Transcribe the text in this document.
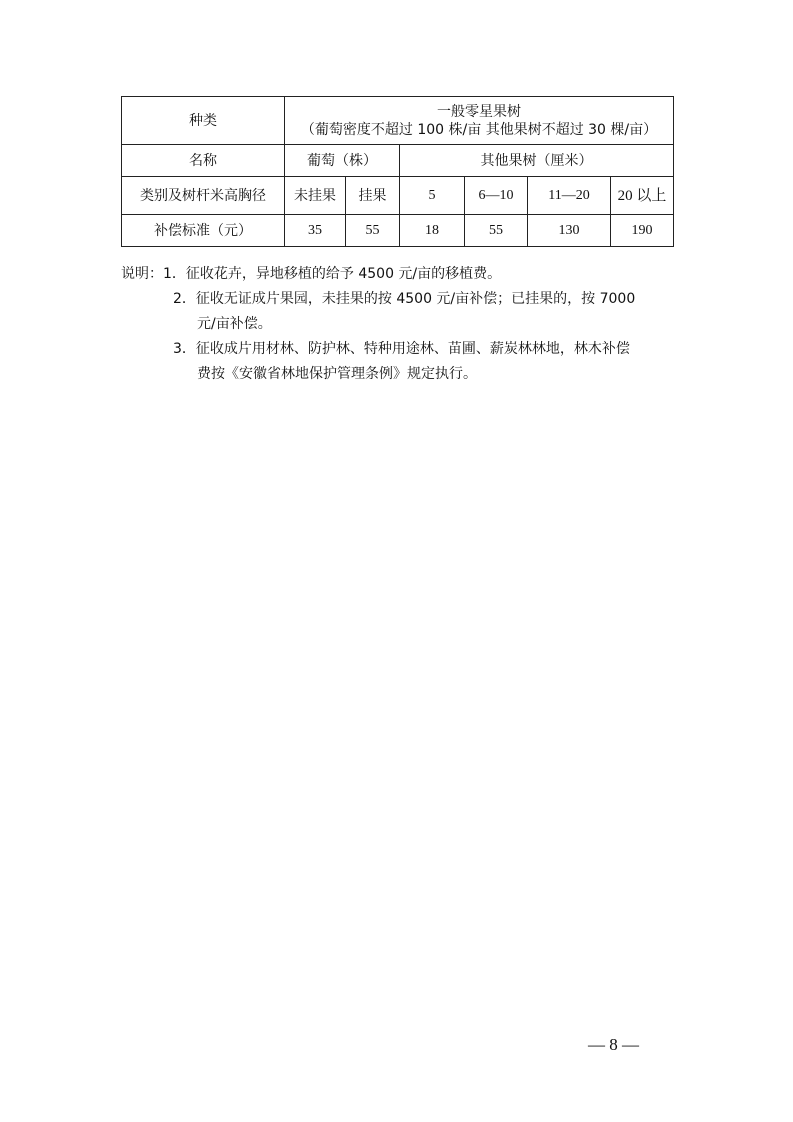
种类	一般零星果树
（葡萄密度不超过 100 株/亩 其他果树不超过 30 棵/亩）					

名称	葡萄（株）		其他果树（厘米）			
类别及树杆米高胸径	未挂果	挂果	5	6—10	11—20	20 以上
补偿标准（元）	35	55	18	55	130	190
说明：1．征收花卉，异地移植的给予 4500 元/亩的移植费。
2．征收无证成片果园，未挂果的按 4500 元/亩补偿；已挂果的，按 7000
元/亩补偿。
3．征收成片用材林、防护林、特种用途林、苗圃、薪炭林林地，林木补偿
费按《安徽省林地保护管理条例》规定执行。
— 8 —
